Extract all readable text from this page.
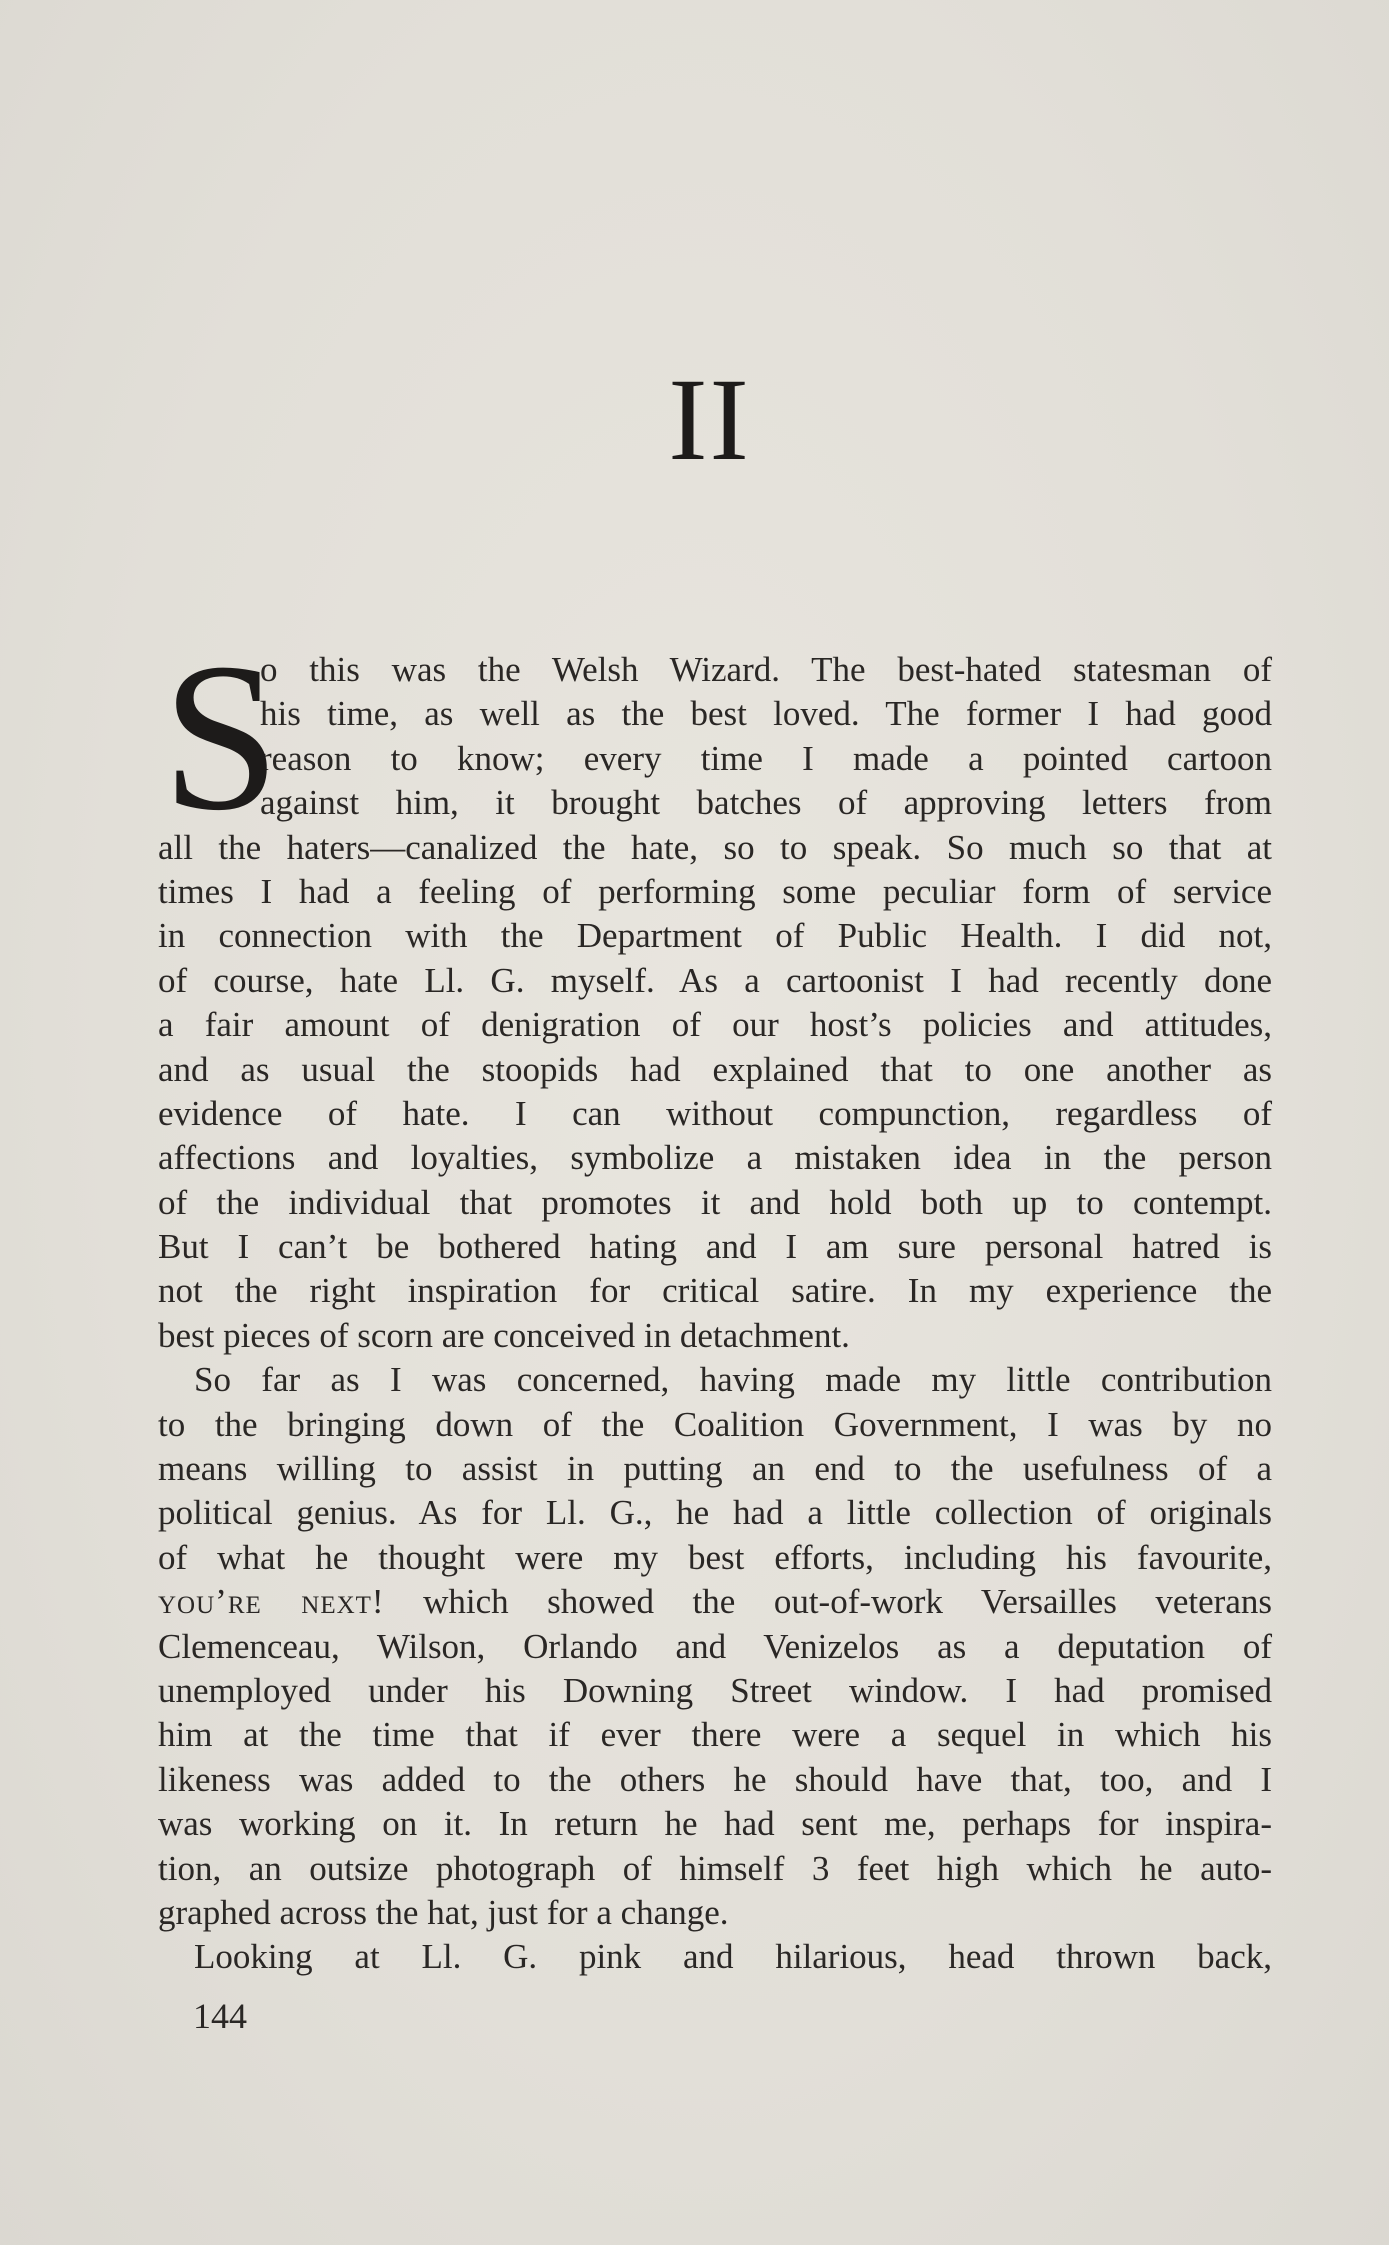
II
S
o this was the Welsh Wizard. The best-hated statesman of
his time, as well as the best loved. The former I had good
reason to know; every time I made a pointed cartoon
against him, it brought batches of approving letters from
all the haters—canalized the hate, so to speak. So much so that at
times I had a feeling of performing some peculiar form of service
in connection with the Department of Public Health. I did not,
of course, hate Ll. G. myself. As a cartoonist I had recently done
a fair amount of denigration of our host’s policies and attitudes,
and as usual the stoopids had explained that to one another as
evidence of hate. I can without compunction, regardless of
affections and loyalties, symbolize a mistaken idea in the person
of the individual that promotes it and hold both up to contempt.
But I can’t be bothered hating and I am sure personal hatred is
not the right inspiration for critical satire. In my experience the
best pieces of scorn are conceived in detachment.
So far as I was concerned, having made my little contribution
to the bringing down of the Coalition Government, I was by no
means willing to assist in putting an end to the usefulness of a
political genius. As for Ll. G., he had a little collection of originals
of what he thought were my best efforts, including his favourite,
you’re next! which showed the out-of-work Versailles veterans
Clemenceau, Wilson, Orlando and Venizelos as a deputation of
unemployed under his Downing Street window. I had promised
him at the time that if ever there were a sequel in which his
likeness was added to the others he should have that, too, and I
was working on it. In return he had sent me, perhaps for inspira-
tion, an outsize photograph of himself 3 feet high which he auto-
graphed across the hat, just for a change.
Looking at Ll. G. pink and hilarious, head thrown back,
144
